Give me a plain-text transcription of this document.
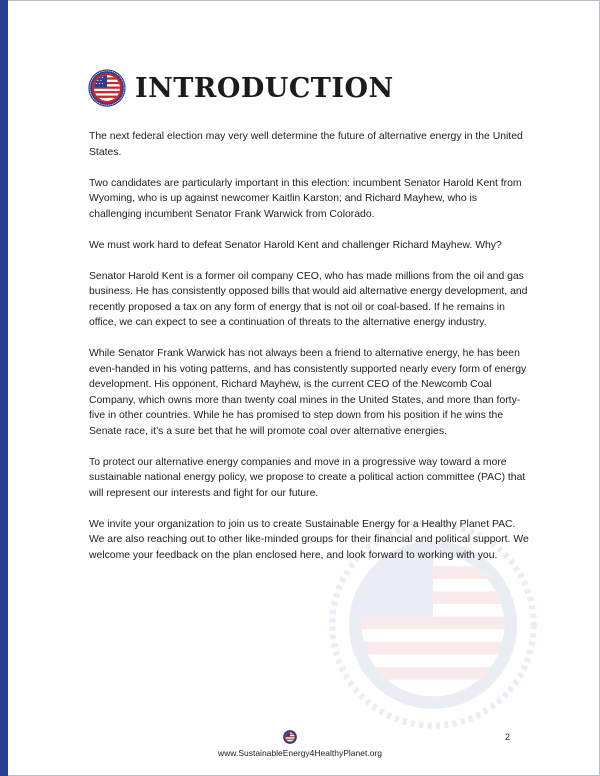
INTRODUCTION

The next federal election may very well determine the future of alternative energy in the United States.

Two candidates are particularly important in this election: incumbent Senator Harold Kent from Wyoming, who is up against newcomer Kaitlin Karston; and Richard Mayhew, who is challenging incumbent Senator Frank Warwick from Colorado.

We must work hard to defeat Senator Harold Kent and challenger Richard Mayhew. Why?

Senator Harold Kent is a former oil company CEO, who has made millions from the oil and gas business. He has consistently opposed bills that would aid alternative energy development, and recently proposed a tax on any form of energy that is not oil or coal-based. If he remains in office, we can expect to see a continuation of threats to the alternative energy industry.

While Senator Frank Warwick has not always been a friend to alternative energy, he has been even-handed in his voting patterns, and has consistently supported nearly every form of energy development. His opponent, Richard Mayhew, is the current CEO of the Newcomb Coal Company, which owns more than twenty coal mines in the United States, and more than forty-five in other countries. While he has promised to step down from his position if he wins the Senate race, it’s a sure bet that he will promote coal over alternative energies.

To protect our alternative energy companies and move in a progressive way toward a more sustainable national energy policy, we propose to create a political action committee (PAC) that will represent our interests and fight for our future.

We invite your organization to join us to create Sustainable Energy for a Healthy Planet PAC. We are also reaching out to other like-minded groups for their financial and political support. We welcome your feedback on the plan enclosed here, and look forward to working with you.

www.SustainableEnergy4HealthyPlanet.org
2
